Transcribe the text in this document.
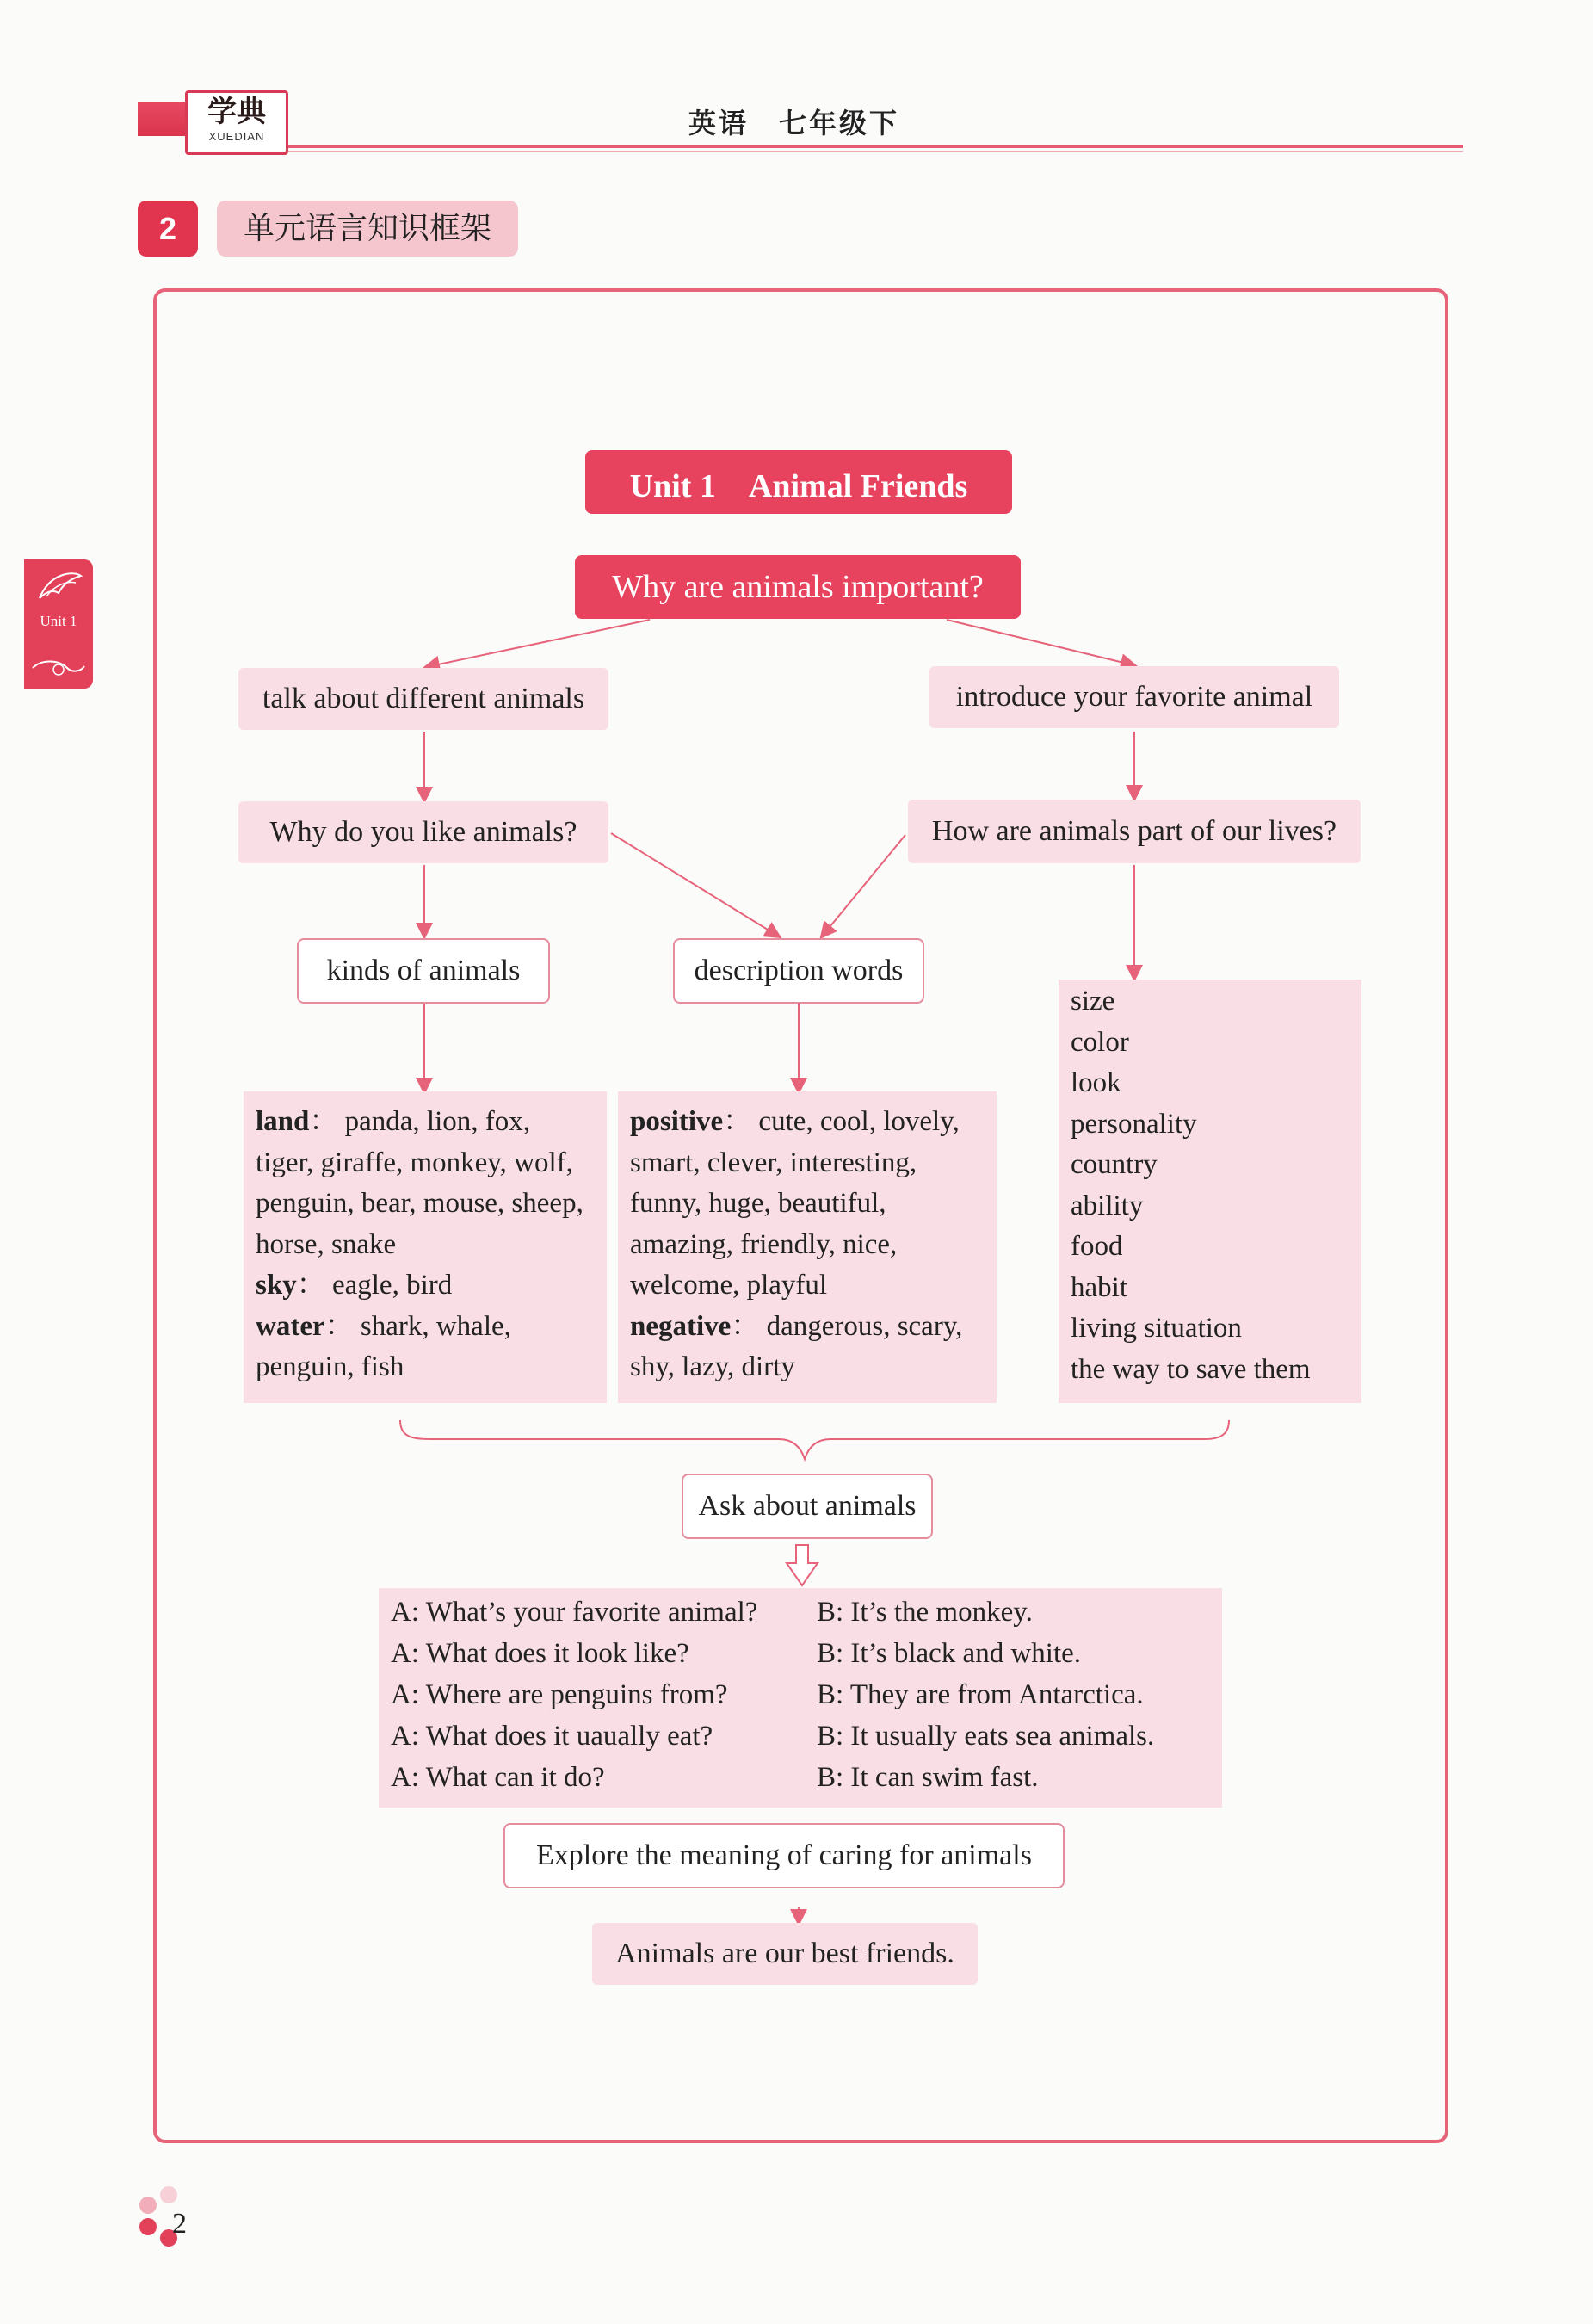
学典
XUEDIAN	英语　七年级下
2	单元语言知识框架
Unit 1
Unit 1　Animal Friends
Why are animals important?
talk about different animals	introduce your favorite animal
Why do you like animals?	How are animals part of our lives?
kinds of animals	description words
land： panda, lion, fox, tiger, giraffe, monkey, wolf, penguin, bear, mouse, sheep, horse, snake
sky： eagle, bird
water： shark, whale, penguin, fish
positive： cute, cool, lovely, smart, clever, interesting, funny, huge, beautiful, amazing, friendly, nice, welcome, playful
negative： dangerous, scary, shy, lazy, dirty
size
color
look
personality
country
ability
food
habit
living situation
the way to save them
Ask about animals
A: What’s your favorite animal?	B: It’s the monkey.
A: What does it look like?	B: It’s black and white.
A: Where are penguins from?	B: They are from Antarctica.
A: What does it uaually eat?	B: It usually eats sea animals.
A: What can it do?	B: It can swim fast.
Explore the meaning of caring for animals
Animals are our best friends.
2
